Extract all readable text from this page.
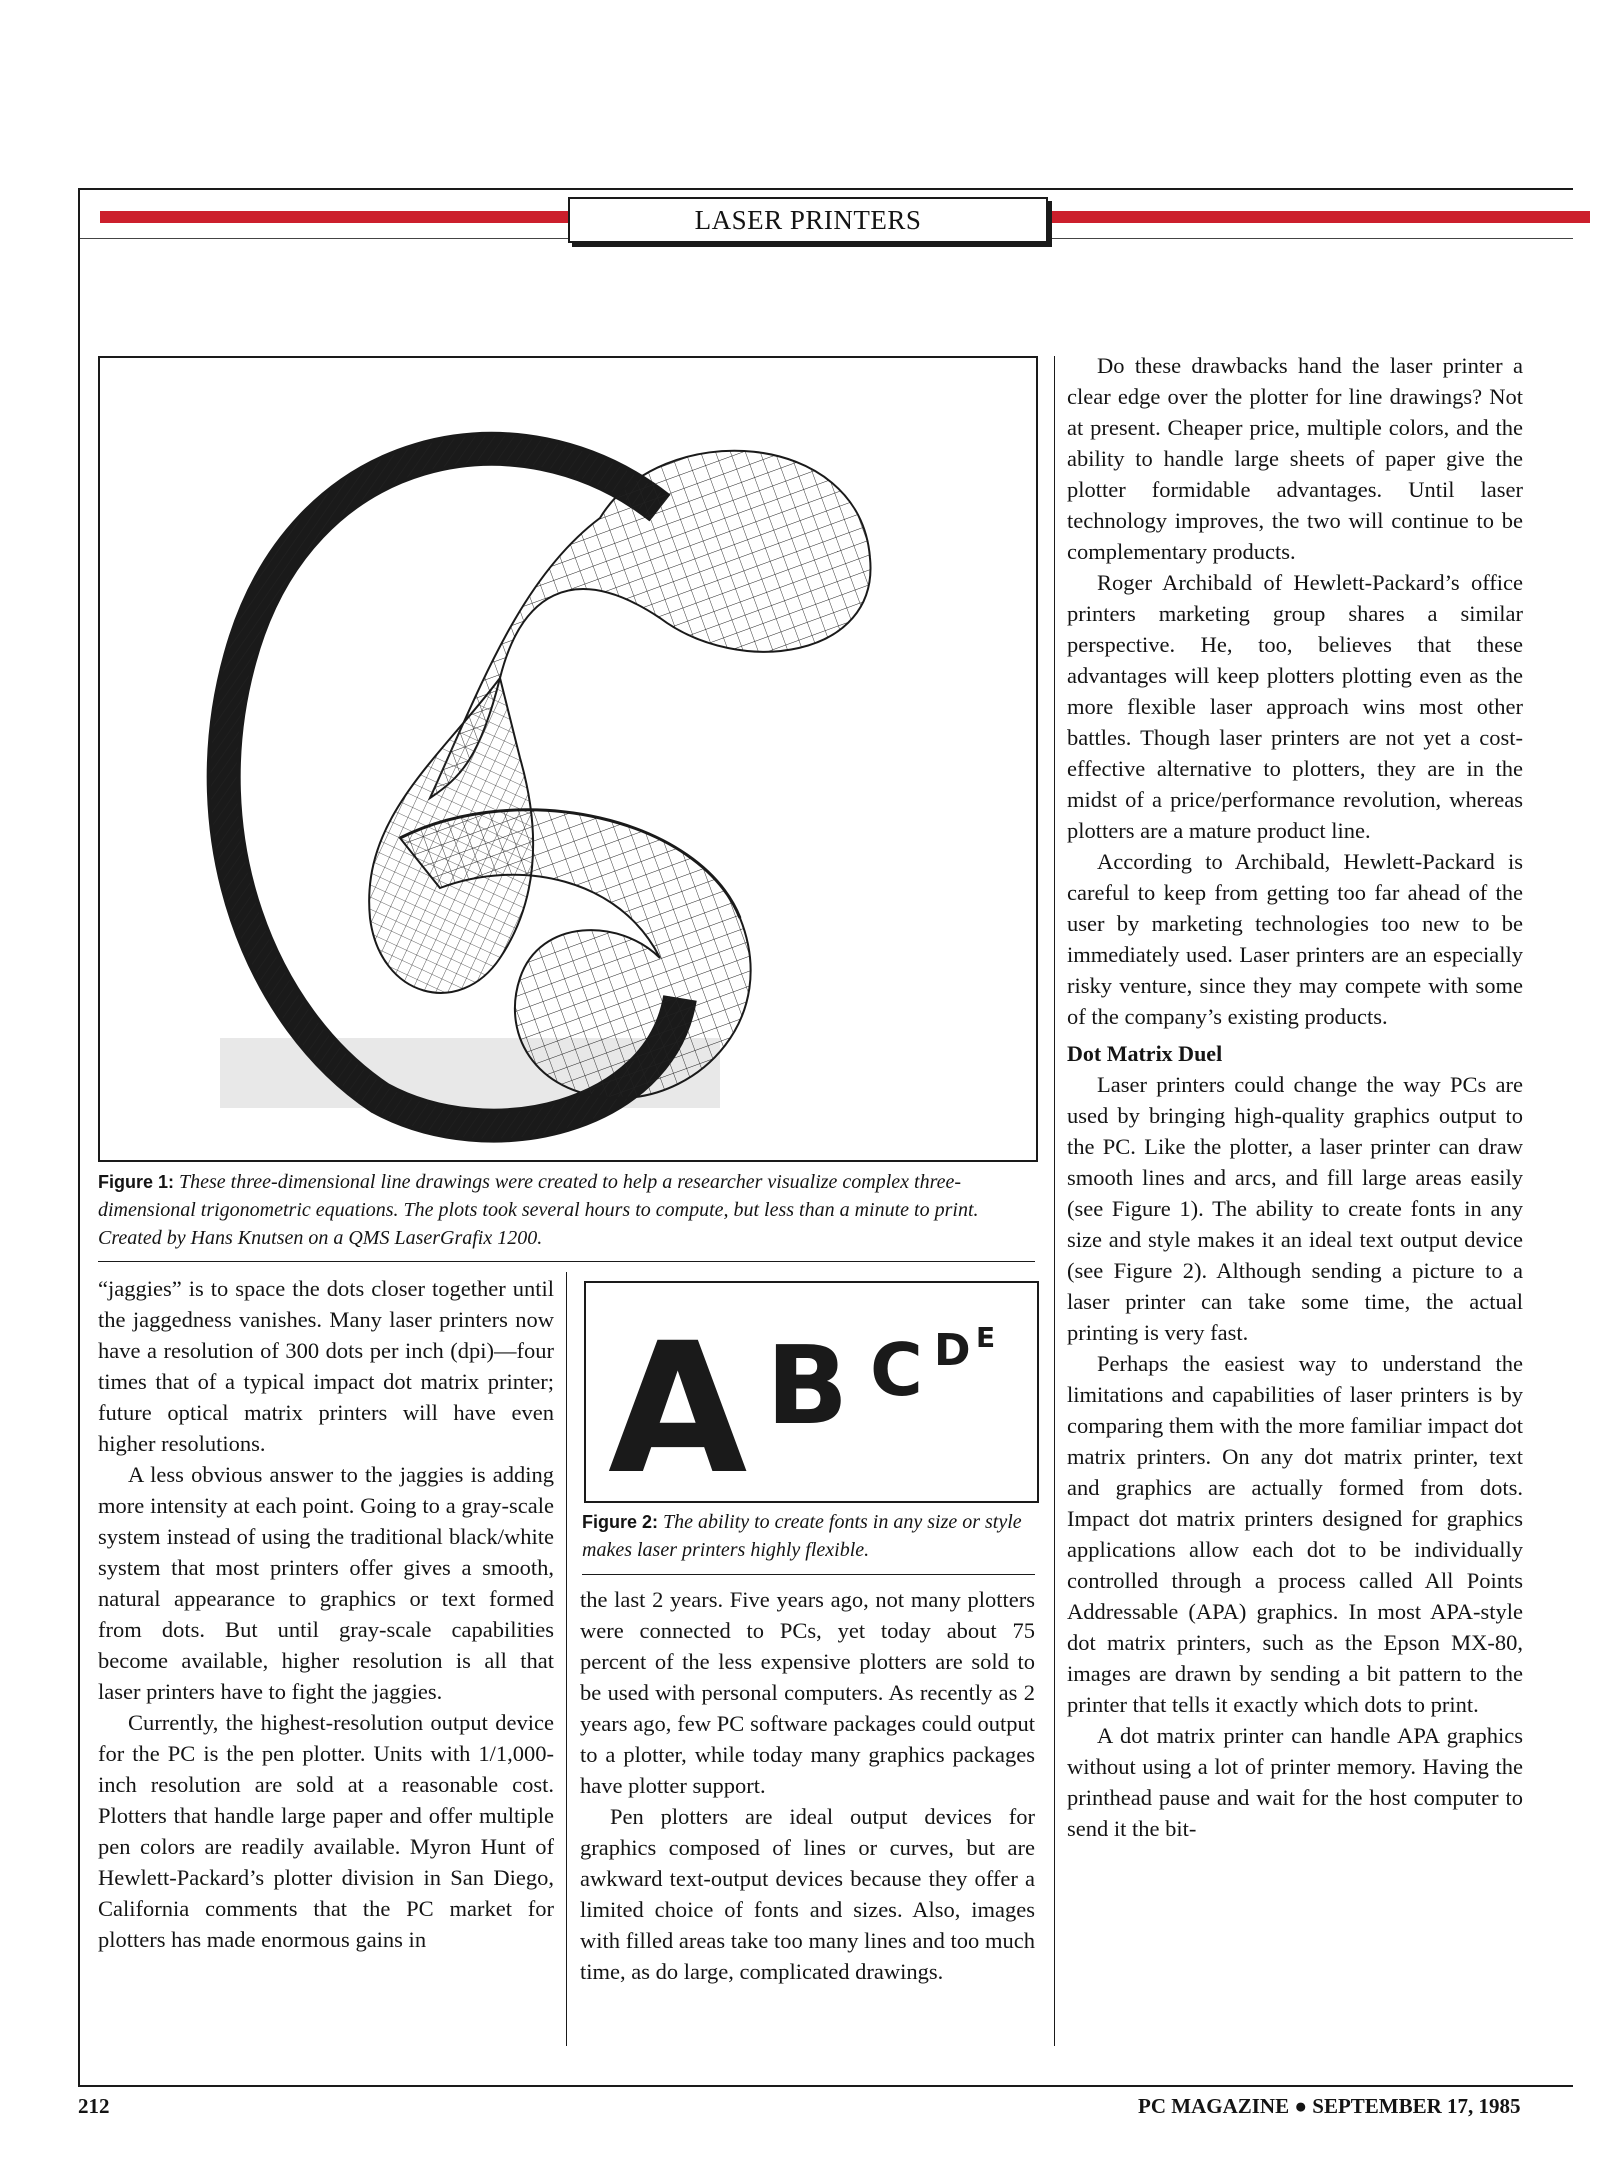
LASER PRINTERS
Figure 1: These three-dimensional line drawings were created to help a researcher visualize complex three-dimensional trigonometric equations. The plots took several hours to compute, but less than a minute to print. Created by Hans Knutsen on a QMS LaserGrafix 1200.

“jaggies” is to space the dots closer together until the jaggedness vanishes. Many laser printers now have a resolution of 300 dots per inch (dpi)—four times that of a typical impact dot matrix printer; future optical matrix printers will have even higher resolutions.

A less obvious answer to the jaggies is adding more intensity at each point. Going to a gray-scale system instead of using the traditional black/white system that most printers offer gives a smooth, natural appearance to graphics or text formed from dots. But until gray-scale capabilities become available, higher resolution is all that laser printers have to fight the jaggies.

Currently, the highest-resolution output device for the PC is the pen plotter. Units with 1/1,000-inch resolution are sold at a reasonable cost. Plotters that handle large paper and offer multiple pen colors are readily available. Myron Hunt of Hewlett-Packard’s plotter division in San Diego, California comments that the PC market for plotters has made enormous gains in

A B C D E
Figure 2: The ability to create fonts in any size or style makes laser printers highly flexible.

the last 2 years. Five years ago, not many plotters were connected to PCs, yet today about 75 percent of the less expensive plotters are sold to be used with personal computers. As recently as 2 years ago, few PC software packages could output to a plotter, while today many graphics packages have plotter support.

Pen plotters are ideal output devices for graphics composed of lines or curves, but are awkward text-output devices because they offer a limited choice of fonts and sizes. Also, images with filled areas take too many lines and too much time, as do large, complicated drawings.

Do these drawbacks hand the laser printer a clear edge over the plotter for line drawings? Not at present. Cheaper price, multiple colors, and the ability to handle large sheets of paper give the plotter formidable advantages. Until laser technology improves, the two will continue to be complementary products.

Roger Archibald of Hewlett-Packard’s office printers marketing group shares a similar perspective. He, too, believes that these advantages will keep plotters plotting even as the more flexible laser approach wins most other battles. Though laser printers are not yet a cost-effective alternative to plotters, they are in the midst of a price/performance revolution, whereas plotters are a mature product line.

According to Archibald, Hewlett-Packard is careful to keep from getting too far ahead of the user by marketing technologies too new to be immediately used. Laser printers are an especially risky venture, since they may compete with some of the company’s existing products.

Dot Matrix Duel

Laser printers could change the way PCs are used by bringing high-quality graphics output to the PC. Like the plotter, a laser printer can draw smooth lines and arcs, and fill large areas easily (see Figure 1). The ability to create fonts in any size and style makes it an ideal text output device (see Figure 2). Although sending a picture to a laser printer can take some time, the actual printing is very fast.

Perhaps the easiest way to understand the limitations and capabilities of laser printers is by comparing them with the more familiar impact dot matrix printers. On any dot matrix printer, text and graphics are actually formed from dots. Impact dot matrix printers designed for graphics applications allow each dot to be individually controlled through a process called All Points Addressable (APA) graphics. In most APA-style dot matrix printers, such as the Epson MX-80, images are drawn by sending a bit pattern to the printer that tells it exactly which dots to print.

A dot matrix printer can handle APA graphics without using a lot of printer memory. Having the printhead pause and wait for the host computer to send it the bit-

212	PC MAGAZINE ● SEPTEMBER 17, 1985
